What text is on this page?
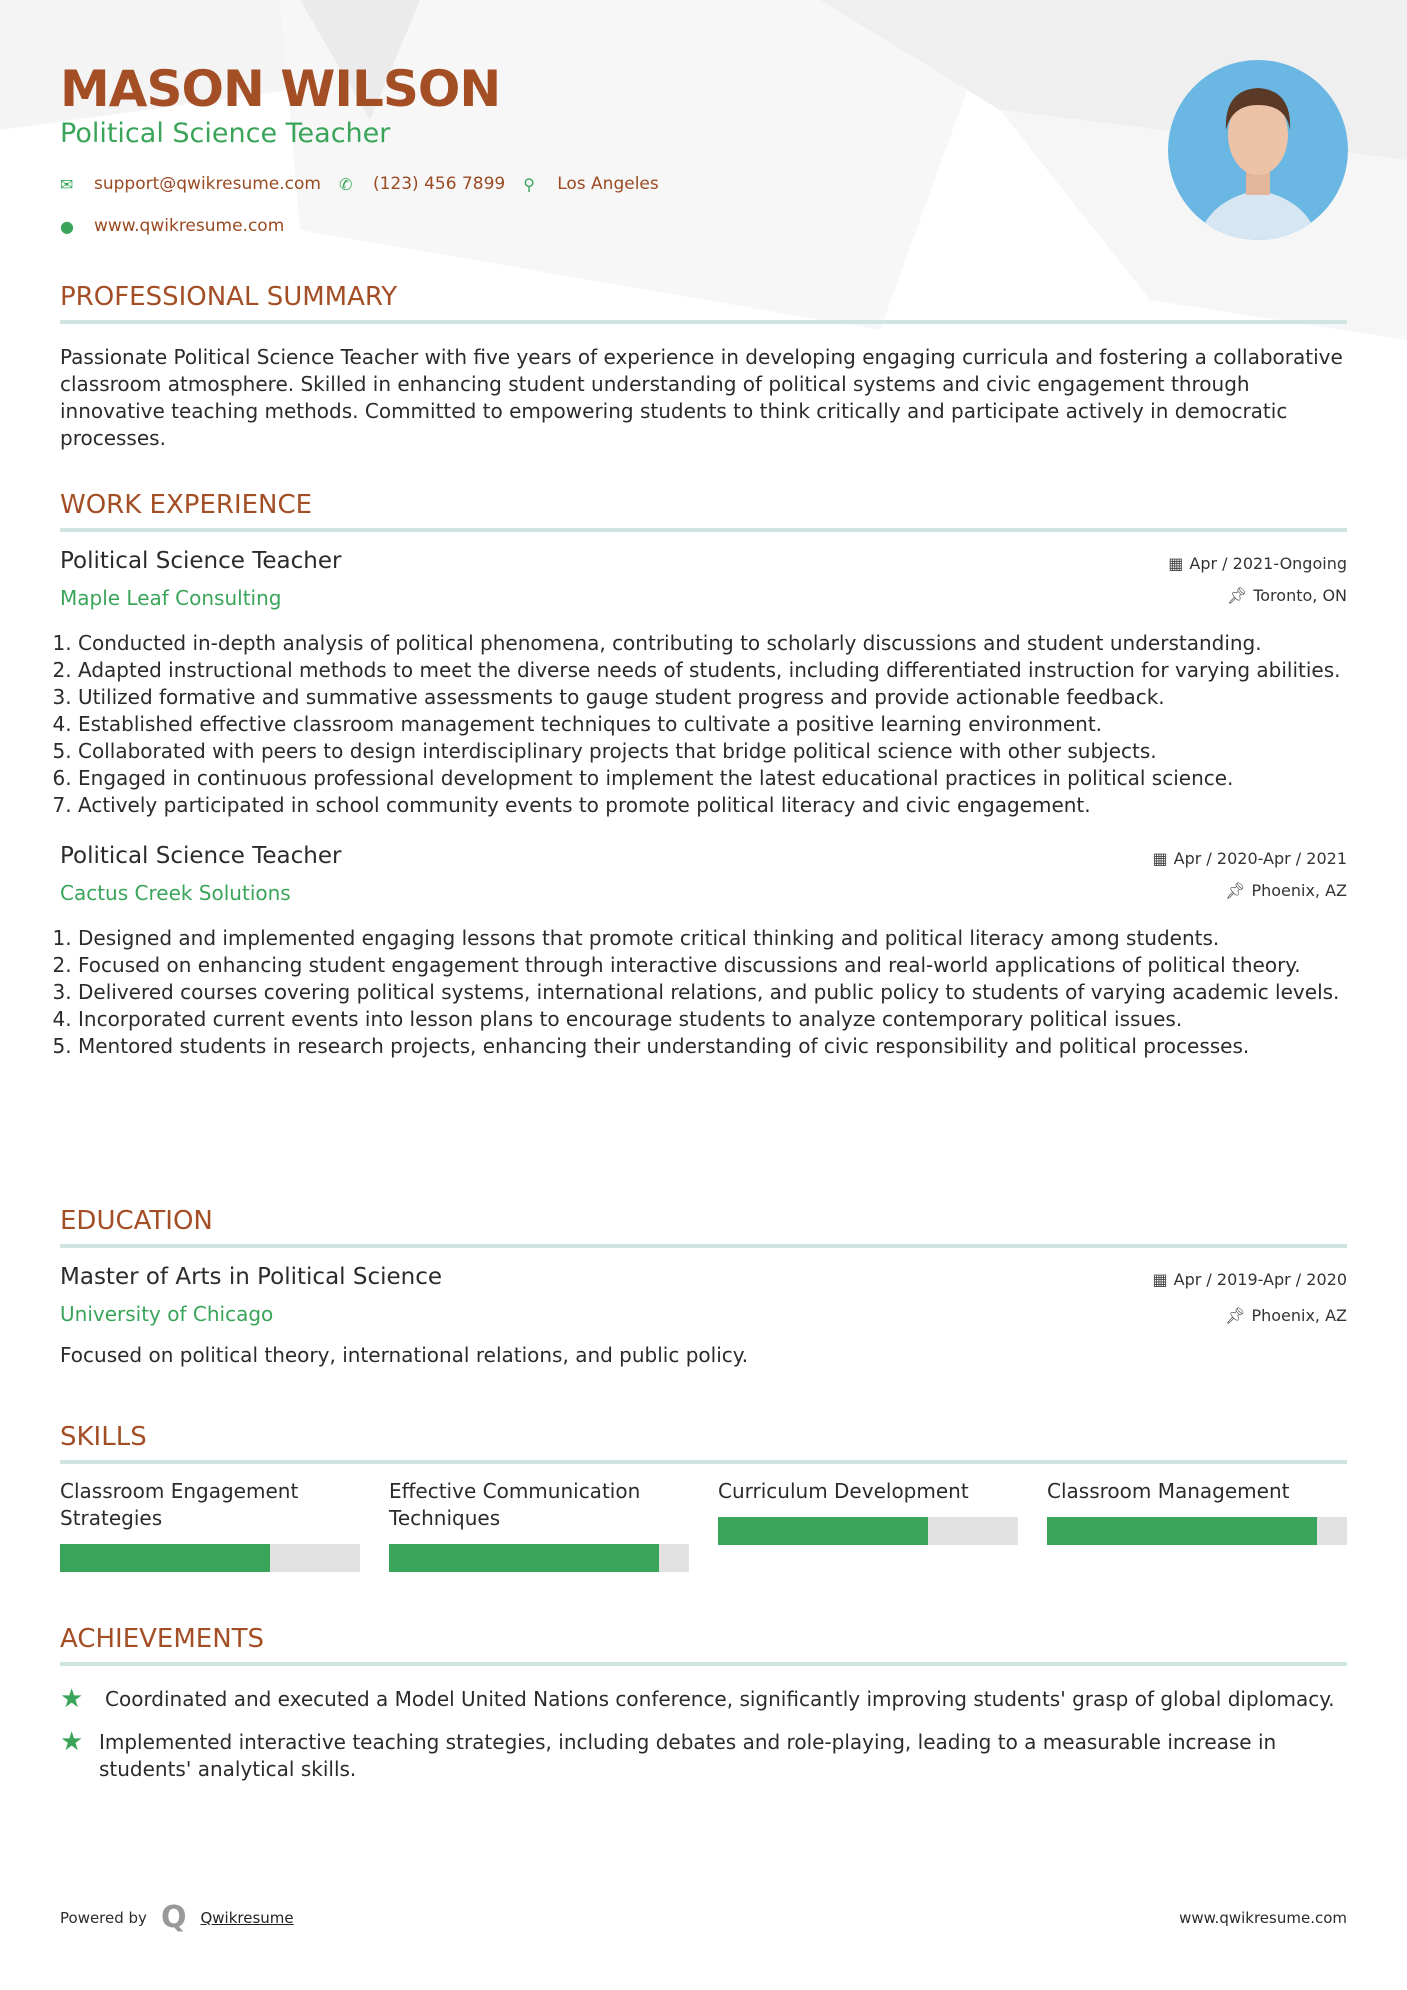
MASON WILSON
Political Science Teacher
✉	support@qwikresume.com ✆	(123) 456 7899 ⚲	Los Angeles
●	www.qwikresume.com
PROFESSIONAL SUMMARY

Passionate Political Science Teacher with five years of experience in developing engaging curricula and fostering a collaborative classroom atmosphere. Skilled in enhancing student understanding of political systems and civic engagement through innovative teaching methods. Committed to empowering students to think critically and participate actively in democratic processes.

WORK EXPERIENCE
Political Science Teacher
Maple Leaf Consulting
▦ Apr / 2021-Ongoing
📌︎ Toronto, ON
1. Conducted in-depth analysis of political phenomena, contributing to scholarly discussions and student understanding.
2. Adapted instructional methods to meet the diverse needs of students, including differentiated instruction for varying abilities.
3. Utilized formative and summative assessments to gauge student progress and provide actionable feedback.
4. Established effective classroom management techniques to cultivate a positive learning environment.
5. Collaborated with peers to design interdisciplinary projects that bridge political science with other subjects.
6. Engaged in continuous professional development to implement the latest educational practices in political science.
7. Actively participated in school community events to promote political literacy and civic engagement.
Political Science Teacher
Cactus Creek Solutions
▦ Apr / 2020-Apr / 2021
📌︎ Phoenix, AZ
1. Designed and implemented engaging lessons that promote critical thinking and political literacy among students.
2. Focused on enhancing student engagement through interactive discussions and real-world applications of political theory.
3. Delivered courses covering political systems, international relations, and public policy to students of varying academic levels.
4. Incorporated current events into lesson plans to encourage students to analyze contemporary political issues.
5. Mentored students in research projects, enhancing their understanding of civic responsibility and political processes.
EDUCATION
Master of Arts in Political Science
University of Chicago
▦ Apr / 2019-Apr / 2020
📌︎ Phoenix, AZ

Focused on political theory, international relations, and public policy.

SKILLS
Classroom Engagement Strategies
Effective Communication Techniques
Curriculum Development	Classroom Management
ACHIEVEMENTS
★	Coordinated and executed a Model United Nations conference, significantly improving students' grasp of global diplomacy.
★ Implemented interactive teaching strategies, including debates and role-playing, leading to a measurable increase in students' analytical skills.
Powered by Q Qwikresume	www.qwikresume.com
